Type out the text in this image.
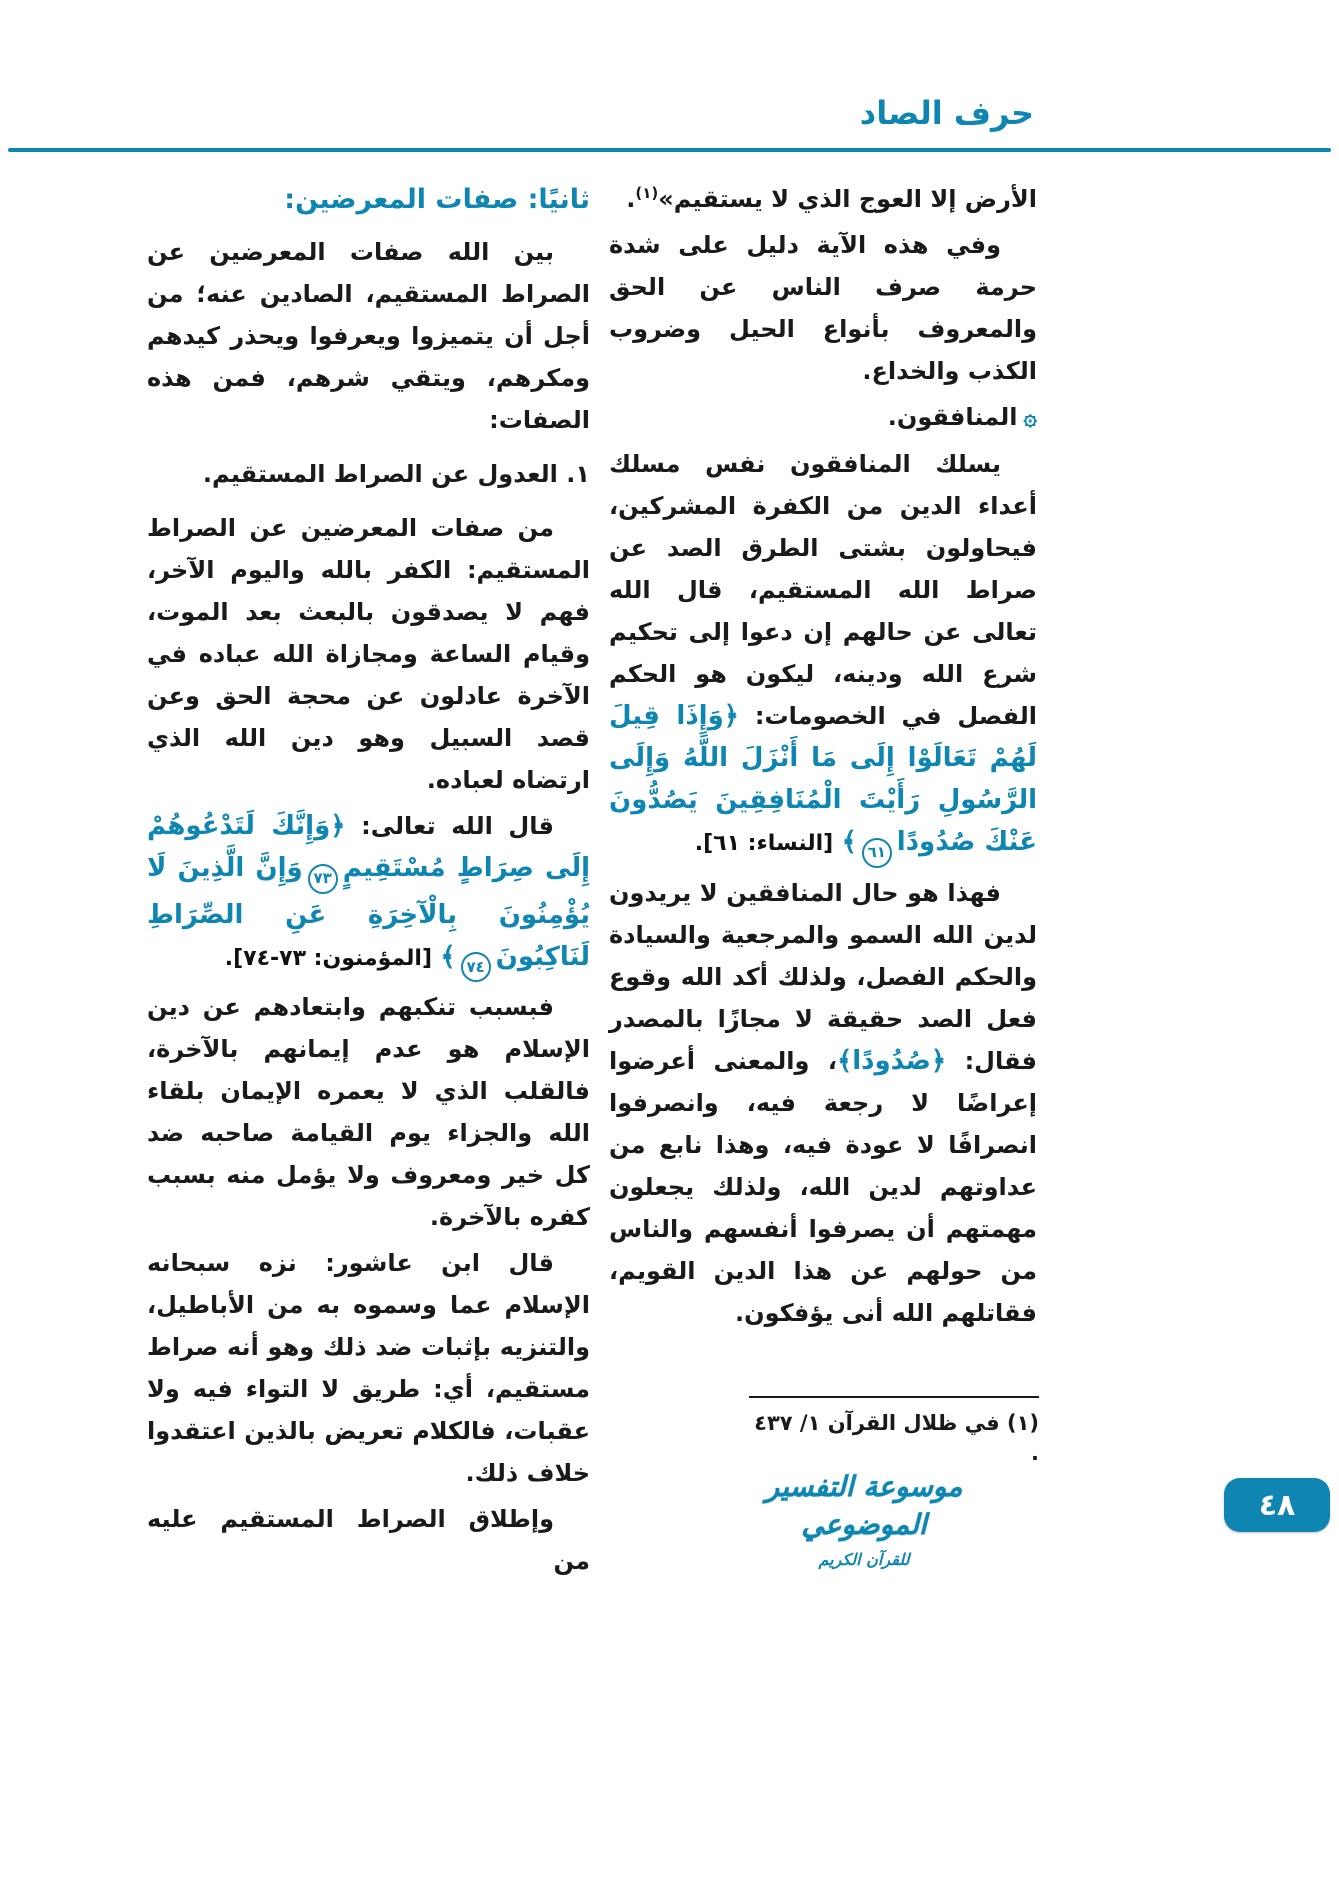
حرف الصاد

الأرض إلا العوج الذي لا يستقيم»$^{(١)}$.

وفي هذه الآية دليل على شدة حرمة صرف الناس عن الحق والمعروف بأنواع الحيل وضروب الكذب والخداع.

۞المنافقون.

يسلك المنافقون نفس مسلك أعداء الدين من الكفرة المشركين، فيحاولون بشتى الطرق الصد عن صراط الله المستقيم، قال الله تعالى عن حالهم إن دعوا إلى تحكيم شرع الله ودينه، ليكون هو الحكم الفصل في الخصومات: ﴿وَإِذَا قِيلَ لَهُمْ تَعَالَوْا إِلَى مَا أَنْزَلَ اللَّهُ وَإِلَى الرَّسُولِ رَأَيْتَ الْمُنَافِقِينَ يَصُدُّونَ عَنْكَ صُدُودًا٦١﴾ [النساء: ٦١].

فهذا هو حال المنافقين لا يريدون لدين الله السمو والمرجعية والسيادة والحكم الفصل، ولذلك أكد الله وقوع فعل الصد حقيقة لا مجازًا بالمصدر فقال: ﴿صُدُودًا﴾، والمعنى أعرضوا إعراضًا لا رجعة فيه، وانصرفوا انصرافًا لا عودة فيه، وهذا نابع من عداوتهم لدين الله، ولذلك يجعلون مهمتهم أن يصرفوا أنفسهم والناس من حولهم عن هذا الدين القويم، فقاتلهم الله أنى يؤفكون.

ثانيًا: صفات المعرضين:

بين الله صفات المعرضين عن الصراط المستقيم، الصادين عنه؛ من أجل أن يتميزوا ويعرفوا ويحذر كيدهم ومكرهم، ويتقي شرهم، فمن هذه الصفات:

١. العدول عن الصراط المستقيم.

من صفات المعرضين عن الصراط المستقيم: الكفر بالله واليوم الآخر، فهم لا يصدقون بالبعث بعد الموت، وقيام الساعة ومجازاة الله عباده في الآخرة عادلون عن محجة الحق وعن قصد السبيل وهو دين الله الذي ارتضاه لعباده.

قال الله تعالى: ﴿وَإِنَّكَ لَتَدْعُوهُمْ إِلَى صِرَاطٍ مُسْتَقِيمٍ٧٣وَإِنَّ الَّذِينَ لَا يُؤْمِنُونَ بِالْآخِرَةِ عَنِ الصِّرَاطِ لَنَاكِبُونَ٧٤﴾ [المؤمنون: ٧٣-٧٤].

فبسبب تنكبهم وابتعادهم عن دين الإسلام هو عدم إيمانهم بالآخرة، فالقلب الذي لا يعمره الإيمان بلقاء الله والجزاء يوم القيامة صاحبه ضد كل خير ومعروف ولا يؤمل منه بسبب كفره بالآخرة.

قال ابن عاشور: نزه سبحانه الإسلام عما وسموه به من الأباطيل، والتنزيه بإثبات ضد ذلك وهو أنه صراط مستقيم، أي: طريق لا التواء فيه ولا عقبات، فالكلام تعريض بالذين اعتقدوا خلاف ذلك.

وإطلاق الصراط المستقيم عليه من

(١) في ظلال القرآن ١/ ٤٣٧ .
موسوعة التفسير الموضوعي
للقرآن الكريم
٤٨
